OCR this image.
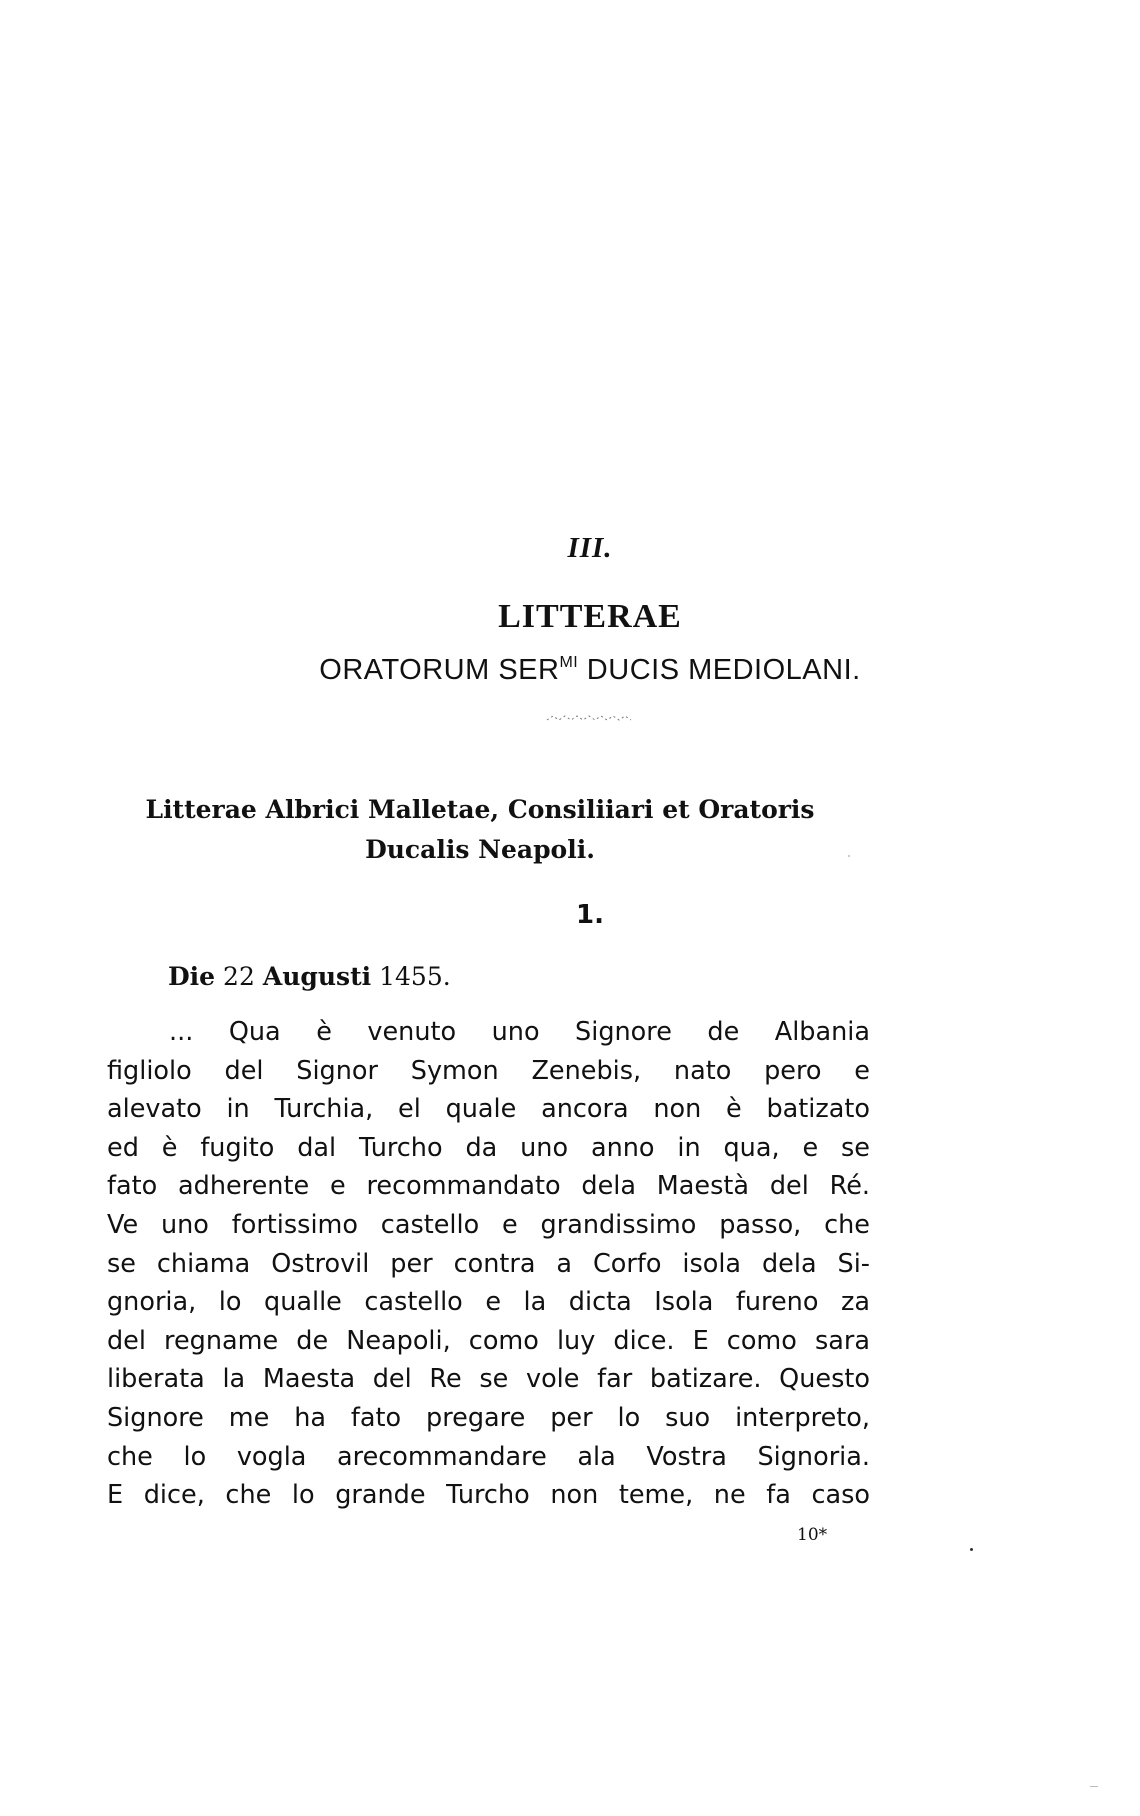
III.
LITTERAE
ORATORUM $SER^{MI}$ DUCIS MEDIOLANI.
Litterae Albrici Malletae, Consiliiari et Oratoris
Ducalis Neapoli.
1.
Die 22 Augusti 1455.
... Qua è venuto uno Signore de Albania
figliolo del Signor Symon Zenebis, nato pero e
alevato in Turchia, el quale ancora non è batizato
ed è fugito dal Turcho da uno anno in qua, e se
fato adherente e recommandato dela Maestà del Ré.
Ve uno fortissimo castello e grandissimo passo, che
se chiama Ostrovil per contra a Corfo isola dela Si-
gnoria, lo qualle castello e la dicta Isola fureno za
del regname de Neapoli, como luy dice. E como sara
liberata la Maesta del Re se vole far batizare. Questo
Signore me ha fato pregare per lo suo interpreto,
che lo vogla arecommandare ala Vostra Signoria.
E dice, che lo grande Turcho non teme, ne fa caso
10*
